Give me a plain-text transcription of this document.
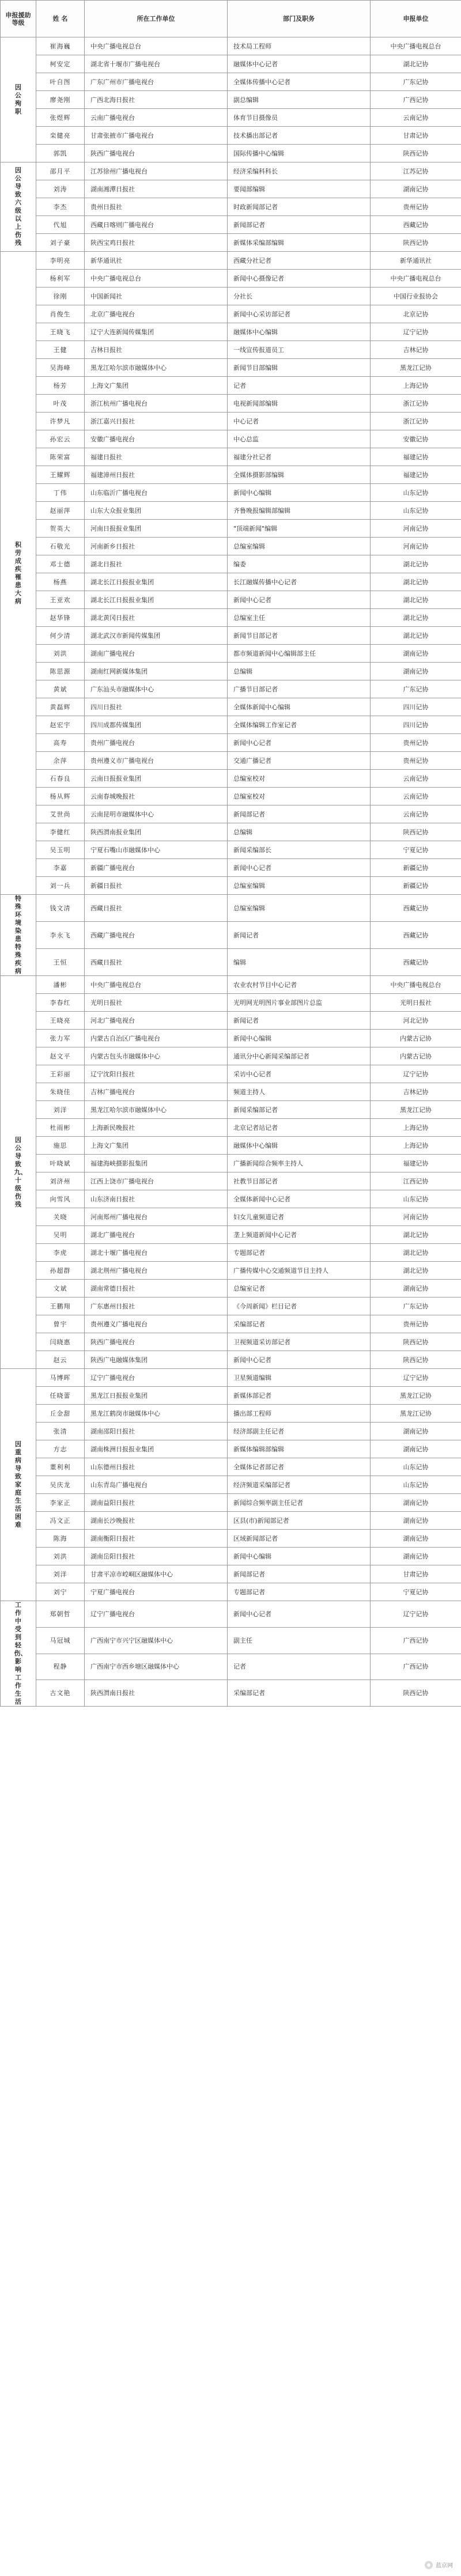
申报援助等级	姓 名	所在工作单位	部门及职务	申报单位
因公殉职	崔海巍	中央广播电视总台	技术局工程师	中央广播电视总台
	柯安定	湖北省十堰市广播电视台	融媒体中心记者	湖北记协
	叶自图	广东广州市广播电视台	全媒体传播中心记者	广东记协
	廖尧刚	广西北海日报社	副总编辑	广西记协
	张煜辉	云南广播电视台	体育节目摄像员	云南记协
	栾健亮	甘肃张掖市广播电视台	技术播出部记者	甘肃记协
	郭凯	陕西广播电视台	国际传播中心编辑	陕西记协
因公导致六级以上伤残	邵月平	江苏徐州广播电视台	经济采编科科长	江苏记协
	刘涛	湖南湘潭日报社	要闻部编辑	湖南记协
	李杰	贵州日报社	时政新闻部记者	贵州记协
	代旭	西藏日喀则广播电视台	新闻部记者	西藏记协
	刘子豪	陕西宝鸡日报社	新媒体采编部编辑	陕西记协
积劳成疾罹患大病	李明亮	新华通讯社	西藏分社记者	新华通讯社
	杨利军	中央广播电视总台	新闻中心摄像记者	中央广播电视总台
	徐刚	中国新闻社	分社长	中国行业报协会
	肖俊生	北京广播电视台	新闻中心采访部记者	北京记协
	王晓飞	辽宁大连新闻传媒集团	融媒体中心编辑	辽宁记协
	王健	吉林日报社	一线宣传报道员工	吉林记协
	吴海峰	黑龙江哈尔滨市融媒体中心	新闻节目部编辑	黑龙江记协
	杨芳	上海文广集团	记者	上海记协
	叶茂	浙江杭州广播电视台	电视新闻部编辑	浙江记协
	许梦凡	浙江嘉兴日报社	中心记者	浙江记协
	孙宏云	安徽广播电视台	中心总监	安徽记协
	陈荣富	福建日报社	福建分社记者	福建记协
	王耀辉	福建漳州日报社	全媒体摄影部编辑	福建记协
	丁伟	山东临沂广播电视台	新闻中心编辑	山东记协
	赵丽萍	山东大众报业集团	齐鲁晚报编辑部编辑	山东记协
	贺英大	河南日报报业集团	"顶端新闻"编辑	河南记协
	石敬光	河南新乡日报社	总编室编辑	河南记协
	邓士德	湖北日报社	编委	湖北记协
	杨燕	湖北长江日报报业集团	长江融媒传播中心记者	湖北记协
	王亚欢	湖北长江日报报业集团	新闻中心记者	湖北记协
	赵华锋	湖北黄冈日报社	总编室主任	湖北记协
	何少清	湖北武汉市新闻传媒集团	新闻节目部记者	湖北记协
	刘洪	湖南广播电视台	都市频道新闻中心编辑部主任	湖南记协
	陈思源	湖南红网新媒体集团	总编辑	湖南记协
	黄斌	广东汕头市融媒体中心	广播节目部记者	广东记协
	黄磊辉	四川日报社	全媒体新闻中心编辑	四川记协
	赵宏宇	四川成都传媒集团	全媒体编辑工作室记者	四川记协
	高寿	贵州广播电视台	新闻中心记者	贵州记协
	余萍	贵州遵义市广播电视台	交通广播记者	贵州记协
	石春良	云南日报报业集团	总编室校对	云南记协
	杨从辉	云南春城晚报社	总编室校对	云南记协
	艾世尚	云南昆明市融媒体中心	新闻部记者	云南记协
	李健红	陕西渭南报业集团	总编辑	陕西记协
	吴玉明	宁夏石嘴山市融媒体中心	新闻采编部长	宁夏记协
	李嘉	新疆广播电视台	新闻中心记者	新疆记协
	刘一兵	新疆日报社	总编室编辑	新疆记协
特殊环境染患特殊疾病	钱文清	西藏日报社	总编室编辑	西藏记协
	李永飞	西藏广播电视台	新闻记者	西藏记协
	王恒	西藏日报社	编辑	西藏记协
因公导致九、十级伤残	潘彬	中央广播电视总台	农业农村节目中心记者	中央广播电视总台
	李春红	光明日报社	光明网光明图片事业部图片总监	光明日报社
	王晓亮	河北广播电视台	新闻记者	河北记协
	张力军	内蒙古自治区广播电视台	新闻中心编辑	内蒙古记协
	赵文平	内蒙古包头市融媒体中心	通讯分中心新闻采编部记者	内蒙古记协
	王彩丽	辽宁沈阳日报社	采访中心记者	辽宁记协
	朱晓佳	吉林广播电视台	频道主持人	吉林记协
	刘洋	黑龙江哈尔滨市融媒体中心	新闻采编部记者	黑龙江记协
	杜雨彬	上海新民晚报社	北京记者站记者	上海记协
	施思	上海文广集团	融媒体中心编辑	上海记协
	叶晓斌	福建海峡摄影报集团	广播新闻综合频率主持人	福建记协
	刘济州	江西上饶市广播电视台	社教节目部记者	江西记协
	向雪风	山东济南日报社	全媒体新闻中心记者	山东记协
	关晓	河南郑州广播电视台	妇女儿童频道记者	河南记协
	吴明	湖北广播电视台	垄上频道新闻中心记者	湖北记协
	李虎	湖北十堰广播电视台	专题部记者	湖北记协
	孙超群	湖北荆州广播电视台	广播传媒中心交通频道节目主持人	湖北记协
	文斌	湖南常德日报社	总编室记者	湖南记协
	王鹏翔	广东惠州日报社	《今周新闻》栏目记者	广东记协
	曾宇	贵州遵义广播电视台	采编部记者	贵州记协
	闫晓惠	陕西广播电视台	卫视频道采访部记者	陕西记协
	赵云	陕西广电融媒体集团	新闻中心记者	陕西记协
因重病导致家庭生活困难	马博晖	辽宁广播电视台	卫星频道编辑	辽宁记协
	任晓蕾	黑龙江日报报业集团	新媒体部记者	黑龙江记协
	丘金甜	黑龙江鹤岗市融媒体中心	播出部工程师	黑龙江记协
	张清	湖南邵阳日报社	经济部副主任记者	湖南记协
	方志	湖南株洲日报报业集团	新媒体编辑部编辑	湖南记协
	董利利	山东德州日报社	全媒体记者部记者	山东记协
	吴庆龙	山东青岛广播电视台	经济频道采编部记者	山东记协
	李家正	湖南益阳日报社	新闻综合频率副主任记者	湖南记协
	冯文正	湖南长沙晚报社	区县(市)新闻部记者	湖南记协
	陈海	湖南衡阳日报社	区域新闻部记者	湖南记协
	刘洪	湖南岳阳日报社	新闻中心编辑	湖南记协
	刘洋	甘肃平凉市崆峒区融媒体中心	新闻部记者	甘肃记协
	刘宁	宁夏广播电视台	专题部记者	宁夏记协
工作中受到轻伤、影响工作生活	郑朝哲	辽宁广播电视台	新闻中心记者	辽宁记协
	马冠城	广西南宁市兴宁区融媒体中心	副主任	广西记协
	程静	广西南宁市西乡塘区融媒体中心	记者	广西记协
	古文艳	陕西渭南日报社	采编部记者	陕西记协
蓝京网
